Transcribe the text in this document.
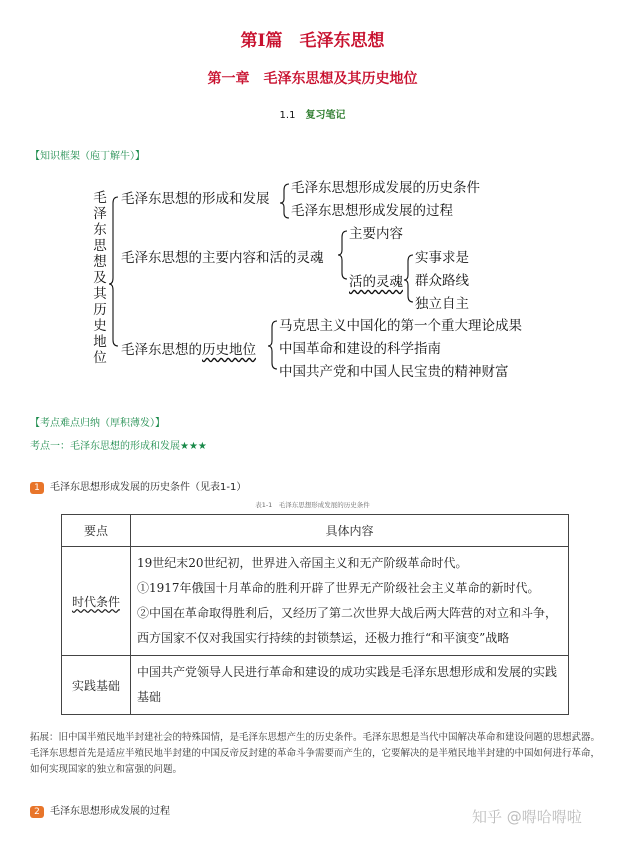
第Ⅰ篇　毛泽东思想
第一章　毛泽东思想及其历史地位
1.1 复习笔记
【知识框架（庖丁解牛）】
毛
泽
东
思
想
及
其
历
史
地
位
毛泽东思想的形成和发展
毛泽东思想形成发展的历史条件
毛泽东思想形成发展的过程
毛泽东思想的主要内容和活的灵魂
主要内容
活的灵魂
实事求是
群众路线
独立自主
毛泽东思想的历史地位
马克思主义中国化的第一个重大理论成果
中国革命和建设的科学指南
中国共产党和中国人民宝贵的精神财富
【考点难点归纳（厚积薄发）】
考点一：毛泽东思想的形成和发展★★★
1 毛泽东思想形成发展的历史条件（见表1-1）
表1-1　毛泽东思想形成发展的历史条件
要点	具体内容
时代条件	19世纪末20世纪初，世界进入帝国主义和无产阶级革命时代。
①1917年俄国十月革命的胜利开辟了世界无产阶级社会主义革命的新时代。
②中国在革命取得胜利后，又经历了第二次世界大战后两大阵营的对立和斗争，西方国家不仅对我国实行持续的封锁禁运，还极力推行“和平演变”战略

实践基础	中国共产党领导人民进行革命和建设的成功实践是毛泽东思想形成和发展的实践基础
拓展：旧中国半殖民地半封建社会的特殊国情，是毛泽东思想产生的历史条件。毛泽东思想是当代中国解决革命和建设问题的思想武器。毛泽东思想首先是适应半殖民地半封建的中国反帝反封建的革命斗争需要而产生的，它要解决的是半殖民地半封建的中国如何进行革命，如何实现国家的独立和富强的问题。
2 毛泽东思想形成发展的过程	知乎 @嘚哈嘚啦
